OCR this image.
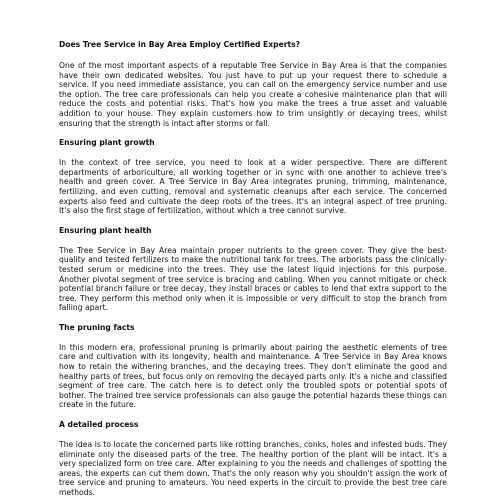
Does Tree Service in Bay Area Employ Certified Experts?
One of the most important aspects of a reputable Tree Service in Bay Area is that the companies have their own dedicated websites. You just have to put up your request there to schedule a service. If you need immediate assistance, you can call on the emergency service number and use the option. The tree care professionals can help you create a cohesive maintenance plan that will reduce the costs and potential risks. That's how you make the trees a true asset and valuable addition to your house. They explain customers how to trim unsightly or decaying trees, whilst ensuring that the strength is intact after storms or fall.
Ensuring plant growth
In the context of tree service, you need to look at a wider perspective. There are different departments of arboriculture, all working together or in sync with one another to achieve tree's health and green cover. A Tree Service in Bay Area integrates pruning, trimming, maintenance, fertilizing, and even cutting, removal and systematic cleanups after each service. The concerned experts also feed and cultivate the deep roots of the trees. It's an integral aspect of tree pruning. It's also the first stage of fertilization, without which a tree cannot survive.
Ensuring plant health
The Tree Service in Bay Area maintain proper nutrients to the green cover. They give the best-quality and tested fertilizers to make the nutritional tank for trees. The arborists pass the clinically-tested serum or medicine into the trees. They use the latest liquid injections for this purpose. Another pivotal segment of tree service is bracing and cabling. When you cannot mitigate or check potential branch failure or tree decay, they install braces or cables to lend that extra support to the tree. They perform this method only when it is impossible or very difficult to stop the branch from falling apart.
The pruning facts
In this modern era, professional pruning is primarily about pairing the aesthetic elements of tree care and cultivation with its longevity, health and maintenance. A Tree Service in Bay Area knows how to retain the withering branches, and the decaying trees. They don't eliminate the good and healthy parts of trees, but focus only on removing the decayed parts only. It's a niche and classified segment of tree care. The catch here is to detect only the troubled spots or potential spots of bother. The trained tree service professionals can also gauge the potential hazards these things can create in the future.
A detailed process
The idea is to locate the concerned parts like rotting branches, conks, holes and infested buds. They eliminate only the diseased parts of the tree. The healthy portion of the plant will be intact. It's a very specialized form on tree care. After explaining to you the needs and challenges of spotting the areas, the experts can cut them down. That's the only reason why you shouldn't assign the work of tree service and pruning to amateurs. You need experts in the circuit to provide the best tree care methods.
